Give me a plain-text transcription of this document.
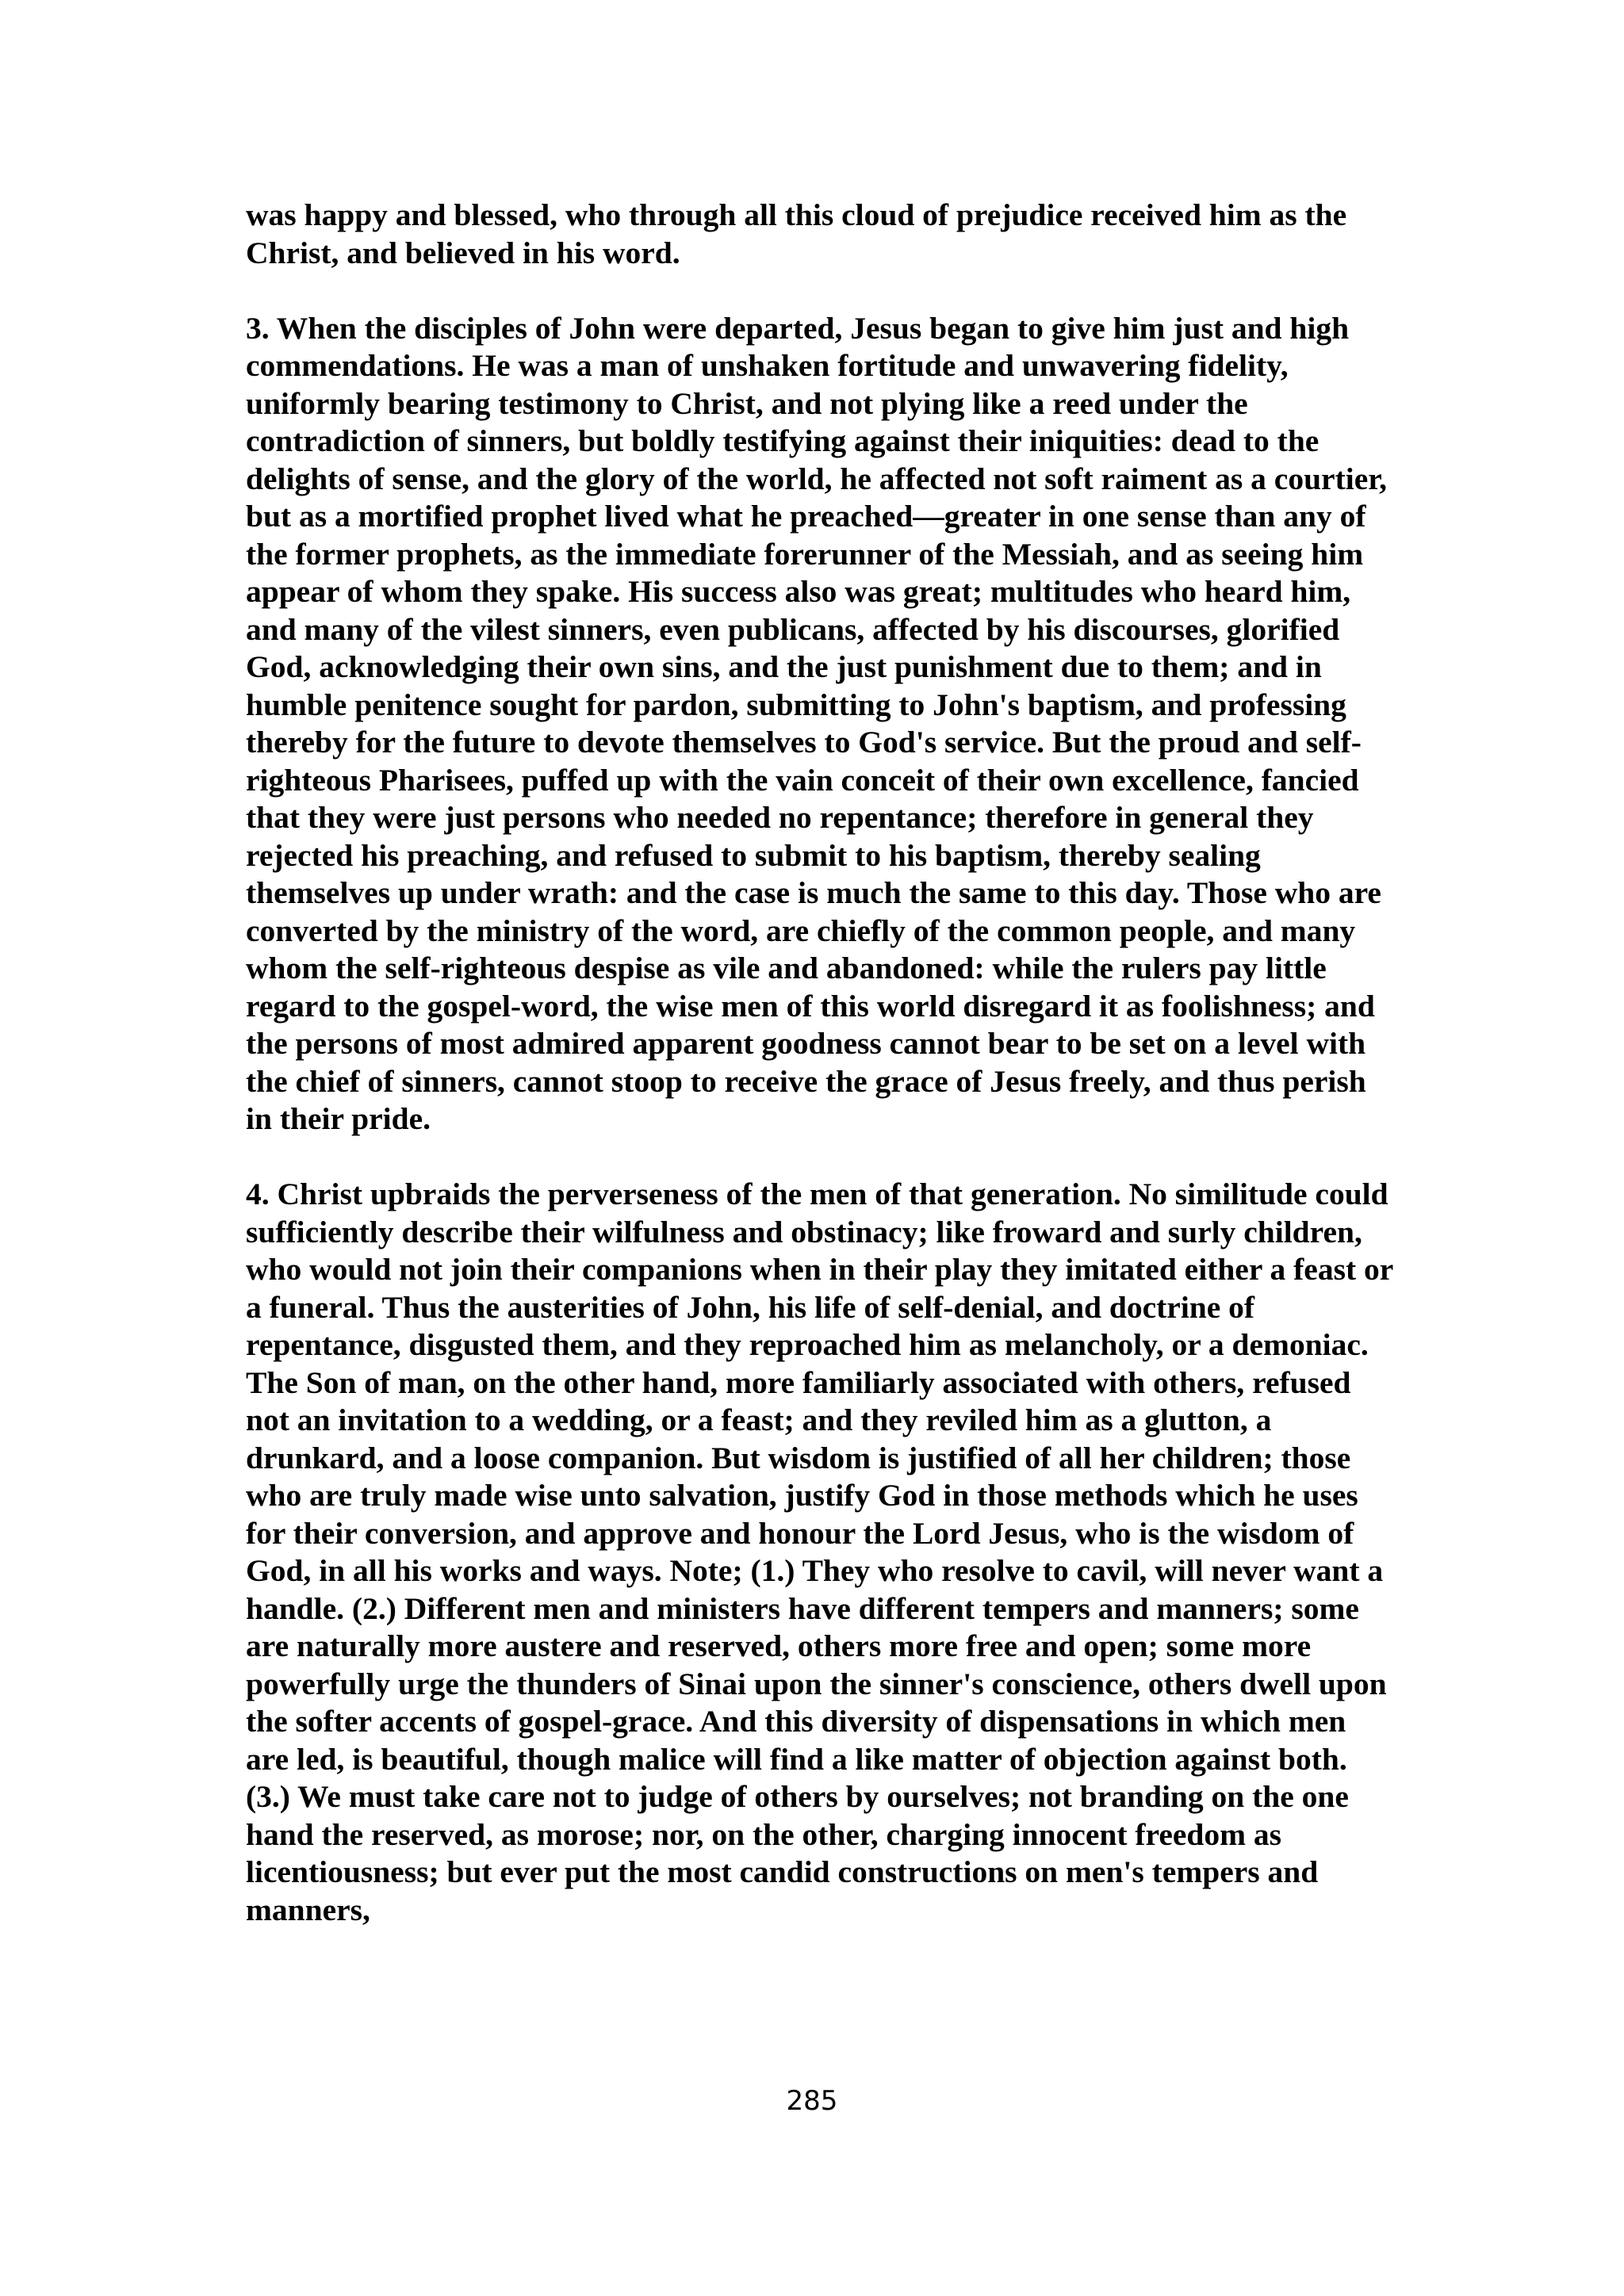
was happy and blessed, who through all this cloud of prejudice received him as the Christ, and believed in his word.

3. When the disciples of John were departed, Jesus began to give him just and high commendations. He was a man of unshaken fortitude and unwavering fidelity, uniformly bearing testimony to Christ, and not plying like a reed under the contradiction of sinners, but boldly testifying against their iniquities: dead to the delights of sense, and the glory of the world, he affected not soft raiment as a courtier, but as a mortified prophet lived what he preached—greater in one sense than any of the former prophets, as the immediate forerunner of the Messiah, and as seeing him appear of whom they spake. His success also was great; multitudes who heard him, and many of the vilest sinners, even publicans, affected by his discourses, glorified God, acknowledging their own sins, and the just punishment due to them; and in humble penitence sought for pardon, submitting to John's baptism, and professing thereby for the future to devote themselves to God's service. But the proud and self-righteous Pharisees, puffed up with the vain conceit of their own excellence, fancied that they were just persons who needed no repentance; therefore in general they rejected his preaching, and refused to submit to his baptism, thereby sealing themselves up under wrath: and the case is much the same to this day. Those who are converted by the ministry of the word, are chiefly of the common people, and many whom the self-righteous despise as vile and abandoned: while the rulers pay little regard to the gospel-word, the wise men of this world disregard it as foolishness; and the persons of most admired apparent goodness cannot bear to be set on a level with the chief of sinners, cannot stoop to receive the grace of Jesus freely, and thus perish in their pride.

4. Christ upbraids the perverseness of the men of that generation. No similitude could sufficiently describe their wilfulness and obstinacy; like froward and surly children, who would not join their companions when in their play they imitated either a feast or a funeral. Thus the austerities of John, his life of self-denial, and doctrine of repentance, disgusted them, and they reproached him as melancholy, or a demoniac. The Son of man, on the other hand, more familiarly associated with others, refused not an invitation to a wedding, or a feast; and they reviled him as a glutton, a drunkard, and a loose companion. But wisdom is justified of all her children; those who are truly made wise unto salvation, justify God in those methods which he uses for their conversion, and approve and honour the Lord Jesus, who is the wisdom of God, in all his works and ways. Note; (1.) They who resolve to cavil, will never want a handle. (2.) Different men and ministers have different tempers and manners; some are naturally more austere and reserved, others more free and open; some more powerfully urge the thunders of Sinai upon the sinner's conscience, others dwell upon the softer accents of gospel-grace. And this diversity of dispensations in which men are led, is beautiful, though malice will find a like matter of objection against both. (3.) We must take care not to judge of others by ourselves; not branding on the one hand the reserved, as morose; nor, on the other, charging innocent freedom as licentiousness; but ever put the most candid constructions on men's tempers and manners,

285
